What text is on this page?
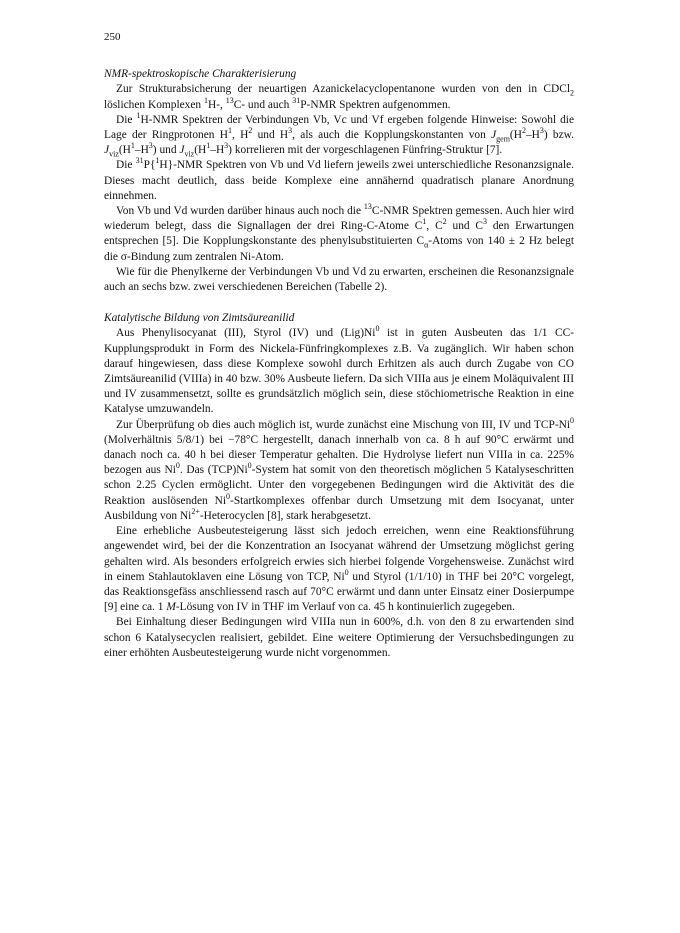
250
NMR-spektroskopische Charakterisierung

Zur Strukturabsicherung der neuartigen Azanickelacyclopentanone wurden von den in CDCl$_2$ löslichen Komplexen $^1$H-, $^{13}$C- und auch $^{31}$P-NMR Spektren aufgenommen.

Die $^1$H-NMR Spektren der Verbindungen Vb, Vc und Vf ergeben folgende Hinweise: Sowohl die Lage der Ringprotonen $H^1$, $H^2$ und $H^3$, als auch die Kopplungskonstanten von $J_{gem}(H^2-H^3)$ bzw. $J_{viz}(H^1-H^3)$ und $J_{viz}(H^1-H^3)$ korrelieren mit der vorgeschlagenen Fünfring-Struktur [7].

Die $^{31}$P{$^1$H}-NMR Spektren von Vb und Vd liefern jeweils zwei unterschiedliche Resonanzsignale. Dieses macht deutlich, dass beide Komplexe eine annähernd quadratisch planare Anordnung einnehmen.

Von Vb und Vd wurden darüber hinaus auch noch die $^{13}$C-NMR Spektren gemessen. Auch hier wird wiederum belegt, dass die Signallagen der drei Ring-C-Atome $C^1$, $C^2$ und $C^3$ den Erwartungen entsprechen [5]. Die Kopplungskonstante des phenylsubstituierten $C_\alpha$-Atoms von 140 ± 2 Hz belegt die σ-Bindung zum zentralen Ni-Atom.

Wie für die Phenylkerne der Verbindungen Vb und Vd zu erwarten, erscheinen die Resonanzsignale auch an sechs bzw. zwei verschiedenen Bereichen (Tabelle 2).

Katalytische Bildung von Zimtsäureanilid

Aus Phenylisocyanat (III), Styrol (IV) und (Lig)Ni$^0$ ist in guten Ausbeuten das 1/1 CC-Kupplungsprodukt in Form des Nickela-Fünfringkomplexes z.B. Va zugänglich. Wir haben schon darauf hingewiesen, dass diese Komplexe sowohl durch Erhitzen als auch durch Zugabe von CO Zimtsäureanilid (VIIIa) in 40 bzw. 30% Ausbeute liefern. Da sich VIIIa aus je einem Moläquivalent III und IV zusammensetzt, sollte es grundsätzlich möglich sein, diese stöchiometrische Reaktion in eine Katalyse umzuwandeln.

Zur Überprüfung ob dies auch möglich ist, wurde zunächst eine Mischung von III, IV und TCP-Ni$^0$ (Molverhältnis 5/8/1) bei −78°C hergestellt, danach innerhalb von ca. 8 h auf 90°C erwärmt und danach noch ca. 40 h bei dieser Temperatur gehalten. Die Hydrolyse liefert nun VIIIa in ca. 225% bezogen aus Ni$^0$. Das (TCP)Ni$^0$-System hat somit von den theoretisch möglichen 5 Katalyseschritten schon 2.25 Cyclen ermöglicht. Unter den vorgegebenen Bedingungen wird die Aktivität des die Reaktion auslösenden Ni$^0$-Startkomplexes offenbar durch Umsetzung mit dem Isocyanat, unter Ausbildung von $Ni^{2+}$-Heterocyclen [8], stark herabgesetzt.

Eine erhebliche Ausbeutesteigerung lässt sich jedoch erreichen, wenn eine Reaktionsführung angewendet wird, bei der die Konzentration an Isocyanat während der Umsetzung möglichst gering gehalten wird. Als besonders erfolgreich erwies sich hierbei folgende Vorgehensweise. Zunächst wird in einem Stahlautoklaven eine Lösung von TCP, Ni$^0$ und Styrol (1/1/10) in THF bei 20°C vorgelegt, das Reaktionsgefäss anschliessend rasch auf 70°C erwärmt und dann unter Einsatz einer Dosierpumpe [9] eine ca. 1 M-Lösung von IV in THF im Verlauf von ca. 45 h kontinuierlich zugegeben.

Bei Einhaltung dieser Bedingungen wird VIIIa nun in 600%, d.h. von den 8 zu erwartenden sind schon 6 Katalysecyclen realisiert, gebildet. Eine weitere Optimierung der Versuchsbedingungen zu einer erhöhten Ausbeutesteigerung wurde nicht vorgenommen.
